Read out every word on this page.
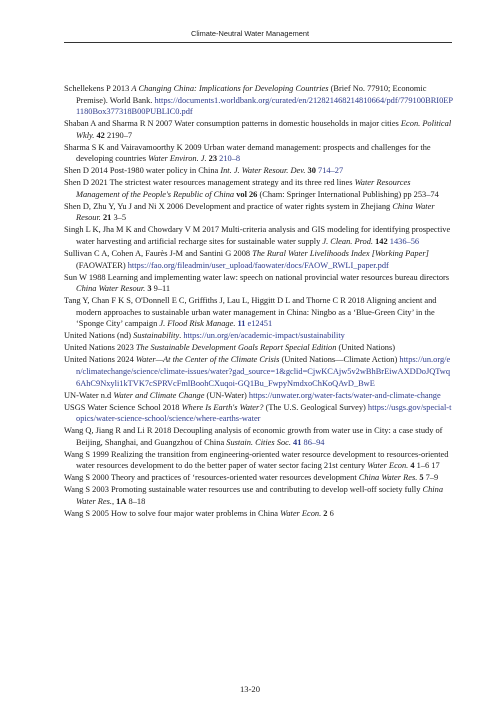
Climate-Neutral Water Management
Schellekens P 2013 A Changing China: Implications for Developing Countries (Brief No. 77910; Economic Premise). World Bank. https://documents1.worldbank.org/curated/en/212821468214810664/pdf/779100BRI0EP1180Box377318B00PUBLIC0.pdf
Shaban A and Sharma R N 2007 Water consumption patterns in domestic households in major cities Econ. Political Wkly. 42 2190–7
Sharma S K and Vairavamoorthy K 2009 Urban water demand management: prospects and challenges for the developing countries Water Environ. J. 23 210–8
Shen D 2014 Post-1980 water policy in China Int. J. Water Resour. Dev. 30 714–27
Shen D 2021 The strictest water resources management strategy and its three red lines Water Resources Management of the People's Republic of China vol 26 (Cham: Springer International Publishing) pp 253–74
Shen D, Zhu Y, Yu J and Ni X 2006 Development and practice of water rights system in Zhejiang China Water Resour. 21 3–5
Singh L K, Jha M K and Chowdary V M 2017 Multi-criteria analysis and GIS modeling for identifying prospective water harvesting and artificial recharge sites for sustainable water supply J. Clean. Prod. 142 1436–56
Sullivan C A, Cohen A, Faurès J-M and Santini G 2008 The Rural Water Livelihoods Index [Working Paper] (FAOWATER) https://fao.org/fileadmin/user_upload/faowater/docs/FAOW_RWLI_paper.pdf
Sun W 1988 Learning and implementing water law: speech on national provincial water resources bureau directors China Water Resour. 3 9–11
Tang Y, Chan F K S, O'Donnell E C, Griffiths J, Lau L, Higgitt D L and Thorne C R 2018 Aligning ancient and modern approaches to sustainable urban water management in China: Ningbo as a ‘Blue-Green City’ in the ‘Sponge City’ campaign J. Flood Risk Manage. 11 e12451
United Nations (nd) Sustainability. https://un.org/en/academic-impact/sustainability
United Nations 2023 The Sustainable Development Goals Report Special Edition (United Nations)
United Nations 2024 Water—At the Center of the Climate Crisis (United Nations—Climate Action) https://un.org/en/climatechange/science/climate-issues/water?gad_source=1&gclid=CjwKCAjw5v2wBhBrEiwAXDDoJQTwq6AhC9Nxyli1kTVK7cSPRVcFmlBoohCXuqoi-GQ1Bu_FwpyNmdxoChKoQAvD_BwE
UN-Water n.d Water and Climate Change (UN-Water) https://unwater.org/water-facts/water-and-climate-change
USGS Water Science School 2018 Where Is Earth's Water? (The U.S. Geological Survey) https://usgs.gov/special-topics/water-science-school/science/where-earths-water
Wang Q, Jiang R and Li R 2018 Decoupling analysis of economic growth from water use in City: a case study of Beijing, Shanghai, and Guangzhou of China Sustain. Cities Soc. 41 86–94
Wang S 1999 Realizing the transition from engineering-oriented water resource development to resources-oriented water resources development to do the better paper of water sector facing 21st century Water Econ. 4 1–6 17
Wang S 2000 Theory and practices of ‘resources-oriented water resources development China Water Res. 5 7–9
Wang S 2003 Promoting sustainable water resources use and contributing to develop well-off society fully China Water Res., 1A 8–18
Wang S 2005 How to solve four major water problems in China Water Econ. 2 6
13-20
